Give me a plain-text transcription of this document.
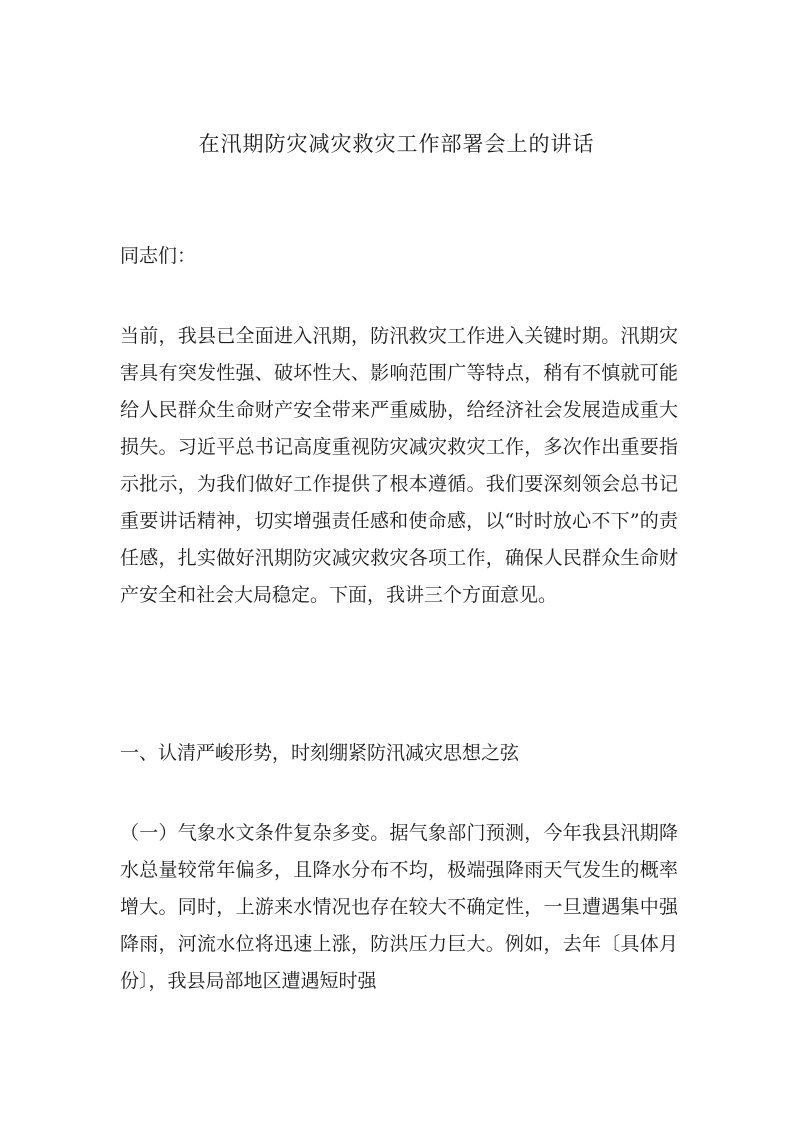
在汛期防灾减灾救灾工作部署会上的讲话

同志们：

当前，我县已全面进入汛期，防汛救灾工作进入关键时期。汛期灾害具有突发性强、破坏性大、影响范围广等特点，稍有不慎就可能给人民群众生命财产安全带来严重威胁，给经济社会发展造成重大损失。习近平总书记高度重视防灾减灾救灾工作，多次作出重要指示批示，为我们做好工作提供了根本遵循。我们要深刻领会总书记重要讲话精神，切实增强责任感和使命感，以“时时放心不下”的责任感，扎实做好汛期防灾减灾救灾各项工作，确保人民群众生命财产安全和社会大局稳定。下面，我讲三个方面意见。

一、认清严峻形势，时刻绷紧防汛减灾思想之弦

（一）气象水文条件复杂多变。据气象部门预测，今年我县汛期降水总量较常年偏多，且降水分布不均，极端强降雨天气发生的概率增大。同时，上游来水情况也存在较大不确定性，一旦遭遇集中强降雨，河流水位将迅速上涨，防洪压力巨大。例如，去年〔具体月份〕，我县局部地区遭遇短时强
